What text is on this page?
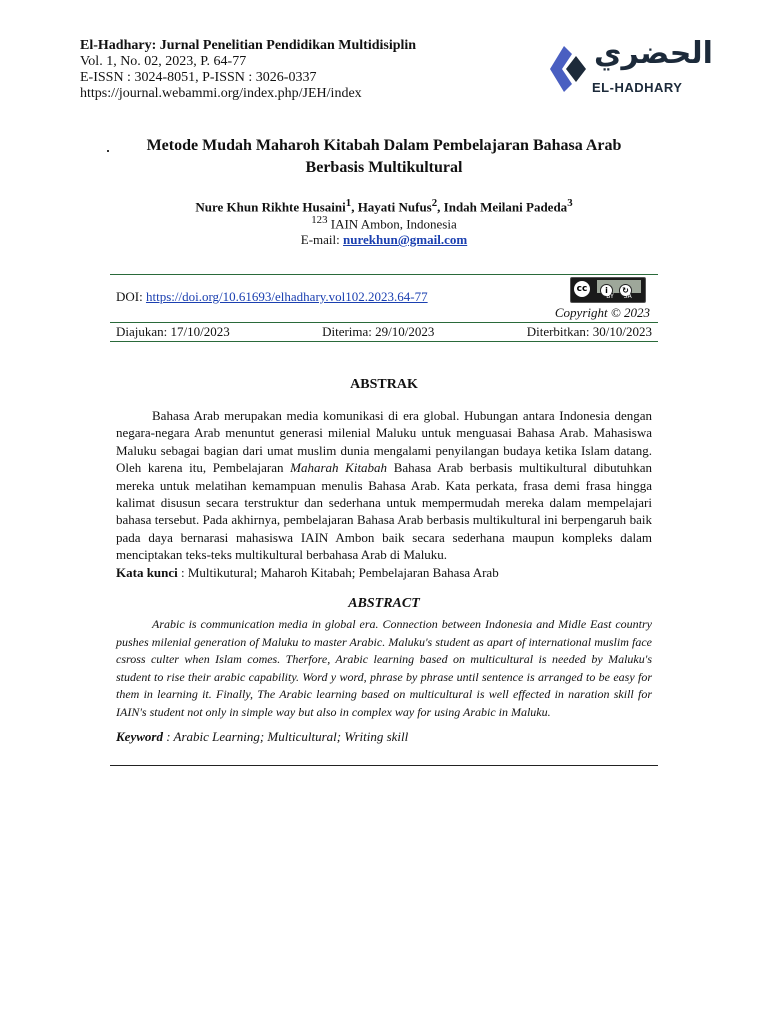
El-Hadhary: Jurnal Penelitian Pendidikan Multidisiplin
Vol. 1, No. 02, 2023, P. 64-77
E-ISSN : 3024-8051, P-ISSN : 3026-0337
https://journal.webammi.org/index.php/JEH/index
الحضري
EL-HADHARY
Metode Mudah Maharoh Kitabah Dalam Pembelajaran Bahasa Arab
Berbasis Multikultural
Nure Khun Rikhte Husaini$^1$, Hayati Nufus$^2$, Indah Meilani Padeda$^3$
$^{123}$ IAIN Ambon, Indonesia
E-mail: nurekhun@gmail.com
DOI: https://doi.org/10.61693/elhadhary.vol102.2023.64-77	cc	i ↻
BY SA
Copyright © 2023
Diajukan: 17/10/2023	Diterima: 29/10/2023	Diterbitkan: 30/10/2023
ABSTRAK
Bahasa Arab merupakan media komunikasi di era global. Hubungan antara Indonesia dengan negara-negara Arab menuntut generasi milenial Maluku untuk menguasai Bahasa Arab. Mahasiswa Maluku sebagai bagian dari umat muslim dunia mengalami penyilangan budaya ketika Islam datang. Oleh karena itu, Pembelajaran Maharah Kitabah Bahasa Arab berbasis multikultural dibutuhkan mereka untuk melatihan kemampuan menulis Bahasa Arab. Kata perkata, frasa demi frasa hingga kalimat disusun secara terstruktur dan sederhana untuk mempermudah mereka dalam mempelajari bahasa tersebut. Pada akhirnya, pembelajaran Bahasa Arab berbasis multikultural ini berpengaruh baik pada daya bernarasi mahasiswa IAIN Ambon baik secara sederhana maupun kompleks dalam menciptakan teks-teks multikultural berbahasa Arab di Maluku.
Kata kunci : Multikutural; Maharoh Kitabah; Pembelajaran Bahasa Arab
ABSTRACT
Arabic is communication media in global era. Connection between Indonesia and Midle East country pushes milenial generation of Maluku to master Arabic. Maluku's student as apart of international muslim face csross culter when Islam comes. Therfore, Arabic learning based on multicultural is needed by Maluku's student to rise their arabic capability. Word y word, phrase by phrase until sentence is arranged to be easy for them in learning it. Finally, The Arabic learning based on multicultural is well effected in naration skill for IAIN's student not only in simple way but also in complex way for using Arabic in Maluku.
Keyword : Arabic Learning; Multicultural; Writing skill
